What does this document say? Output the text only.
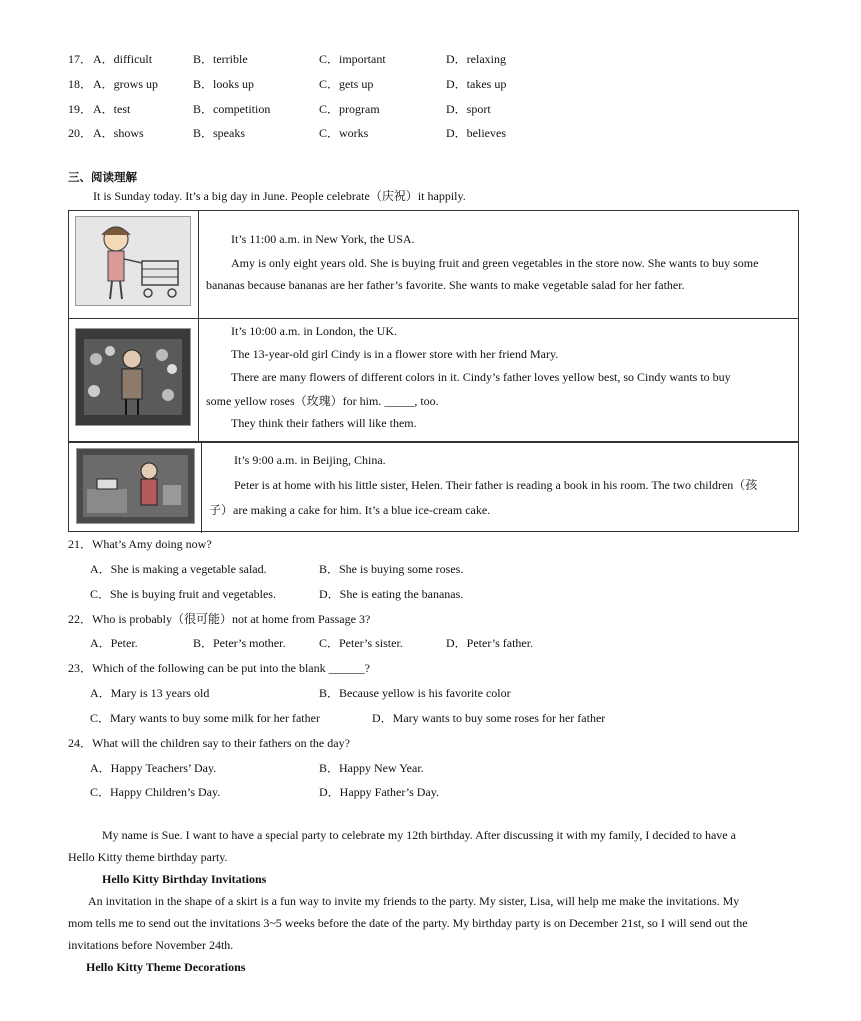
17． A．difficult	B．terrible	C．important	D．relaxing
18． A．grows up	B．looks up	C．gets up	D．takes up
19． A．test	B．competition	C．program	D．sport
20． A．shows	B．speaks	C．works	D．believes
三、阅读理解
It is Sunday today. It’s a big day in June. People celebrate（庆祝）it happily.
It’s 11:00 a.m. in New York, the USA.
Amy is only eight years old. She is buying fruit and green vegetables in the store now. She wants to buy some
bananas because bananas are her father’s favorite. She wants to make vegetable salad for her father.
It’s 10:00 a.m. in London, the UK.
The 13-year-old girl Cindy is in a flower store with her friend Mary.
There are many flowers of different colors in it. Cindy’s father loves yellow best, so Cindy wants to buy
some yellow roses（玫瑰）for him. _____, too.
They think their fathers will like them.
It’s 9:00 a.m. in Beijing, China.
Peter is at home with his little sister, Helen. Their father is reading a book in his room. The two children（孩
子）are making a cake for him. It’s a blue ice-cream cake.
21．What’s Amy doing now?
A．She is making a vegetable salad.	B．She is buying some roses.
C．She is buying fruit and vegetables.	D．She is eating the bananas.
22．Who is probably（很可能）not at home from Passage 3?
A．Peter.	B．Peter’s mother.	C．Peter’s sister.	D．Peter’s father.
23．Which of the following can be put into the blank ______?
A．Mary is 13 years old	B．Because yellow is his favorite color
C．Mary wants to buy some milk for her father	D．Mary wants to buy some roses for her father
24．What will the children say to their fathers on the day?
A．Happy Teachers’ Day.	B．Happy New Year.
C．Happy Children’s Day.	D．Happy Father’s Day.
My name is Sue. I want to have a special party to celebrate my 12th birthday. After discussing it with my family, I decided to have a
Hello Kitty theme birthday party.
Hello Kitty Birthday Invitations
An invitation in the shape of a skirt is a fun way to invite my friends to the party. My sister, Lisa, will help me make the invitations. My
mom tells me to send out the invitations 3~5 weeks before the date of the party. My birthday party is on December 21st, so I will send out the
invitations before November 24th.
Hello Kitty Theme Decorations
